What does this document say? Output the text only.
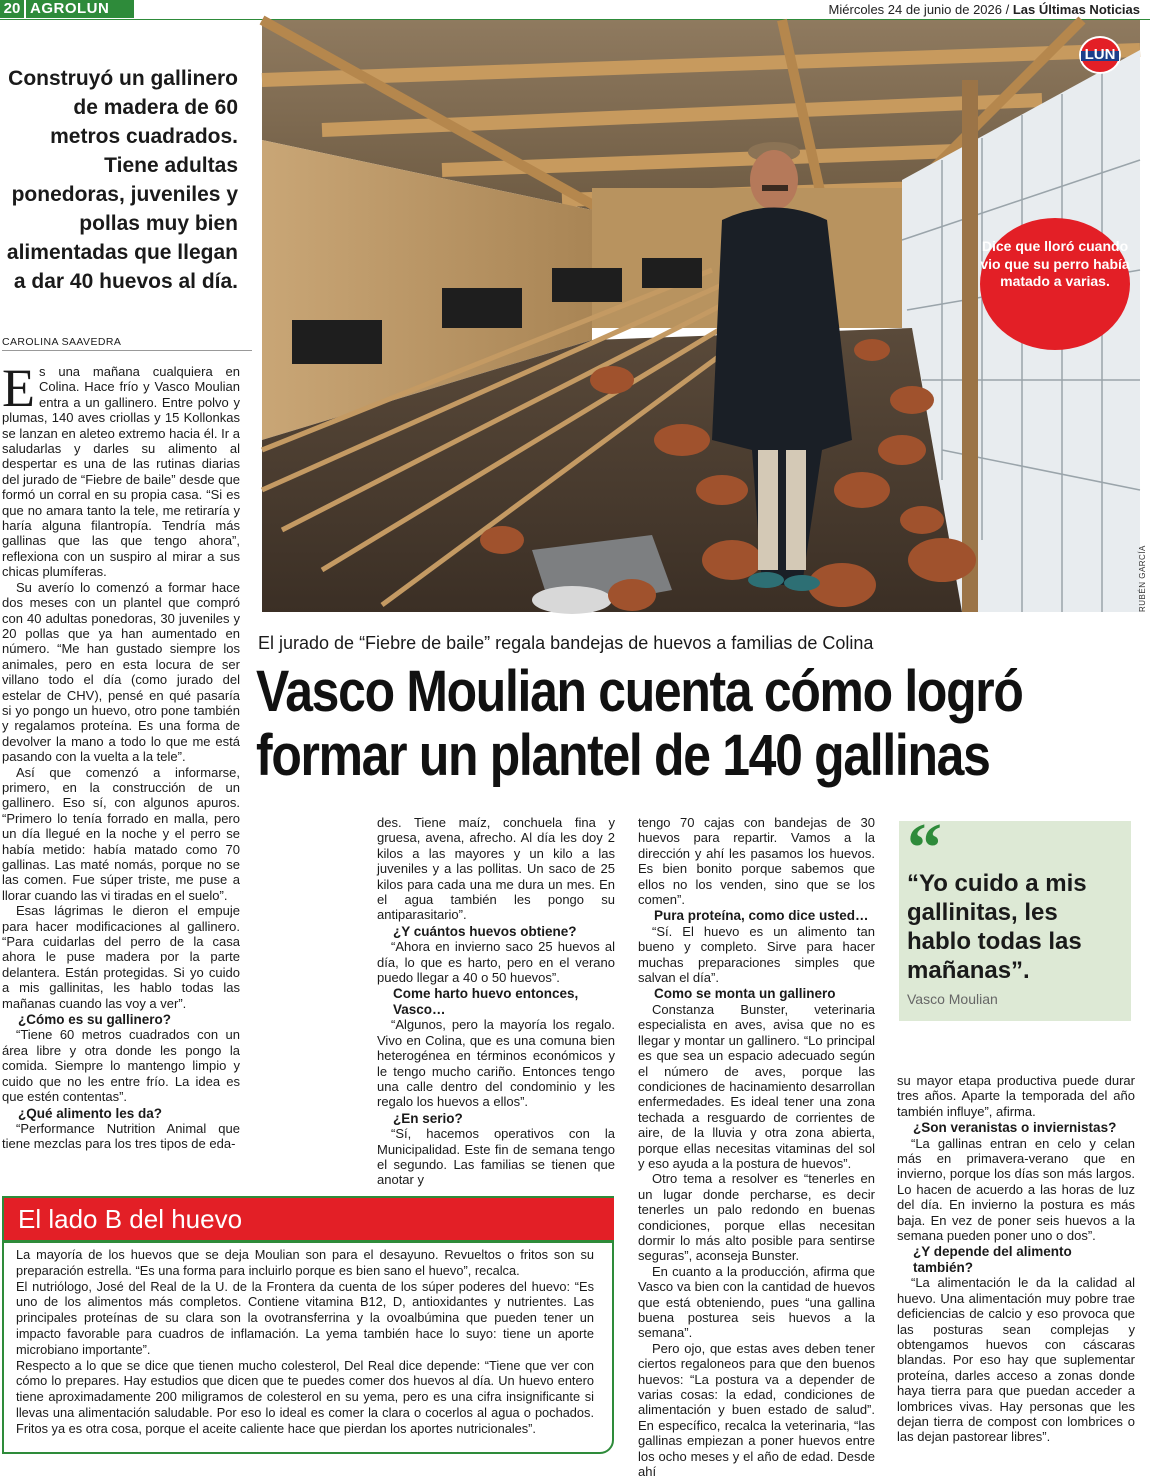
20 AGROLUN	Miércoles 24 de junio de 2026 / Las Últimas Noticias
Construyó un gallinero de madera de 60 metros cuadrados. Tiene adultas ponedoras, juveniles y pollas muy bien alimentadas que llegan a dar 40 huevos al día.
CAROLINA SAAVEDRA
LUN
Dice que lloró cuando vio que su perro había matado a varias.
RUBÉN GARCÍA
El jurado de “Fiebre de baile” regala bandejas de huevos a familias de Colina
Vasco Moulian cuenta cómo logró formar un plantel de 140 gallinas

Es una mañana cualquiera en Colina. Hace frío y Vasco Moulian entra a un gallinero. Entre polvo y plumas, 140 aves criollas y 15 Kollonkas se lanzan en aleteo extremo hacia él. Ir a saludarlas y darles su alimento al despertar es una de las rutinas diarias del jurado de “Fiebre de baile” desde que formó un corral en su propia casa. “Si es que no amara tanto la tele, me retiraría y haría alguna filantropía. Tendría más gallinas que las que tengo ahora”, reflexiona con un suspiro al mirar a sus chicas plumíferas.

Su averío lo comenzó a formar hace dos meses con un plantel que compró con 40 adultas ponedoras, 30 juveniles y 20 pollas que ya han aumentado en número. “Me han gustado siempre los animales, pero en esta locura de ser villano todo el día (como jurado del estelar de CHV), pensé en qué pasaría si yo pongo un huevo, otro pone también y regalamos proteína. Es una forma de devolver la mano a todo lo que me está pasando con la vuelta a la tele”.

Así que comenzó a informarse, primero, en la construcción de un gallinero. Eso sí, con algunos apuros. “Primero lo tenía forrado en malla, pero un día llegué en la noche y el perro se había metido: había matado como 70 gallinas. Las maté nomás, porque no se las comen. Fue súper triste, me puse a llorar cuando las vi tiradas en el suelo”.

Esas lágrimas le dieron el empuje para hacer modificaciones al gallinero. “Para cuidarlas del perro de la casa ahora le puse madera por la parte delantera. Están protegidas. Si yo cuido a mis gallinitas, les hablo todas las mañanas cuando las voy a ver”.

¿Cómo es su gallinero?

“Tiene 60 metros cuadrados con un área libre y otra donde les pongo la comida. Siempre lo mantengo limpio y cuido que no les entre frío. La idea es que estén contentas”.

¿Qué alimento les da?

“Performance Nutrition Animal que tiene mezclas para los tres tipos de eda-

des. Tiene maíz, conchuela fina y gruesa, avena, afrecho. Al día les doy 2 kilos a las mayores y un kilo a las juveniles y a las pollitas. Un saco de 25 kilos para cada una me dura un mes. En el agua también les pongo su antiparasitario”.

¿Y cuántos huevos obtiene?

“Ahora en invierno saco 25 huevos al día, lo que es harto, pero en el verano puedo llegar a 40 o 50 huevos”.

Come harto huevo entonces, Vasco…

“Algunos, pero la mayoría los regalo. Vivo en Colina, que es una comuna bien heterogénea en términos económicos y le tengo mucho cariño. Entonces tengo una calle dentro del condominio y les regalo los huevos a ellos”.

¿En serio?

“Sí, hacemos operativos con la Municipalidad. Este fin de semana tengo el segundo. Las familias se tienen que anotar y

tengo 70 cajas con bandejas de 30 huevos para repartir. Vamos a la dirección y ahí les pasamos los huevos. Es bien bonito porque sabemos que ellos no los venden, sino que se los comen”.

Pura proteína, como dice usted…

“Sí. El huevo es un alimento tan bueno y completo. Sirve para hacer muchas preparaciones simples que salvan el día”.

Como se monta un gallinero

Constanza Bunster, veterinaria especialista en aves, avisa que no es llegar y montar un gallinero. “Lo principal es que sea un espacio adecuado según el número de aves, porque las condiciones de hacinamiento desarrollan enfermedades. Es ideal tener una zona techada a resguardo de corrientes de aire, de la lluvia y otra zona abierta, porque ellas necesitas vitaminas del sol y eso ayuda a la postura de huevos”.

Otro tema a resolver es “tenerles en un lugar donde percharse, es decir tenerles un palo redondo en buenas condiciones, porque ellas necesitan dormir lo más alto posible para sentirse seguras”, aconseja Bunster.

En cuanto a la producción, afirma que Vasco va bien con la cantidad de huevos que está obteniendo, pues “una gallina buena posturea seis huevos a la semana”.

Pero ojo, que estas aves deben tener ciertos regaloneos para que den buenos huevos: “La postura va a depender de varias cosas: la edad, condiciones de alimentación y buen estado de salud”. En específico, recalca la veterinaria, “las gallinas empiezan a poner huevos entre los ocho meses y el año de edad. Desde ahí

“
“Yo cuido a mis gallinitas, les hablo todas las mañanas”.
Vasco Moulian

su mayor etapa productiva puede durar tres años. Aparte la temporada del año también influye”, afirma.

¿Son veranistas o inviernistas?

“La gallinas entran en celo y celan más en primavera-verano que en invierno, porque los días son más largos. Lo hacen de acuerdo a las horas de luz del día. En invierno la postura es más baja. En vez de poner seis huevos a la semana pueden poner uno o dos”.

¿Y depende del alimento también?

“La alimentación le da la calidad al huevo. Una alimentación muy pobre trae deficiencias de calcio y eso provoca que las posturas sean complejas y obtengamos huevos con cáscaras blandas. Por eso hay que suplementar proteína, darles acceso a zonas donde haya tierra para que puedan acceder a lombrices vivas. Hay personas que les dejan tierra de compost con lombrices o las dejan pastorear libres”.

El lado B del huevo

La mayoría de los huevos que se deja Moulian son para el desayuno. Revueltos o fritos son su preparación estrella. “Es una forma para incluirlo porque es bien sano el huevo”, recalca.

El nutriólogo, José del Real de la U. de la Frontera da cuenta de los súper poderes del huevo: “Es uno de los alimentos más completos. Contiene vitamina B12, D, antioxidantes y nutrientes. Las principales proteínas de su clara son la ovotransferrina y la ovoalbúmina que pueden tener un impacto favorable para cuadros de inflamación. La yema también hace lo suyo: tiene un aporte microbiano importante”.

Respecto a lo que se dice que tienen mucho colesterol, Del Real dice depende: “Tiene que ver con cómo lo prepares. Hay estudios que dicen que te puedes comer dos huevos al día. Un huevo entero tiene aproximadamente 200 miligramos de colesterol en su yema, pero es una cifra insignificante si llevas una alimentación saludable. Por eso lo ideal es comer la clara o cocerlos al agua o pochados. Fritos ya es otra cosa, porque el aceite caliente hace que pierdan los aportes nutricionales”.
